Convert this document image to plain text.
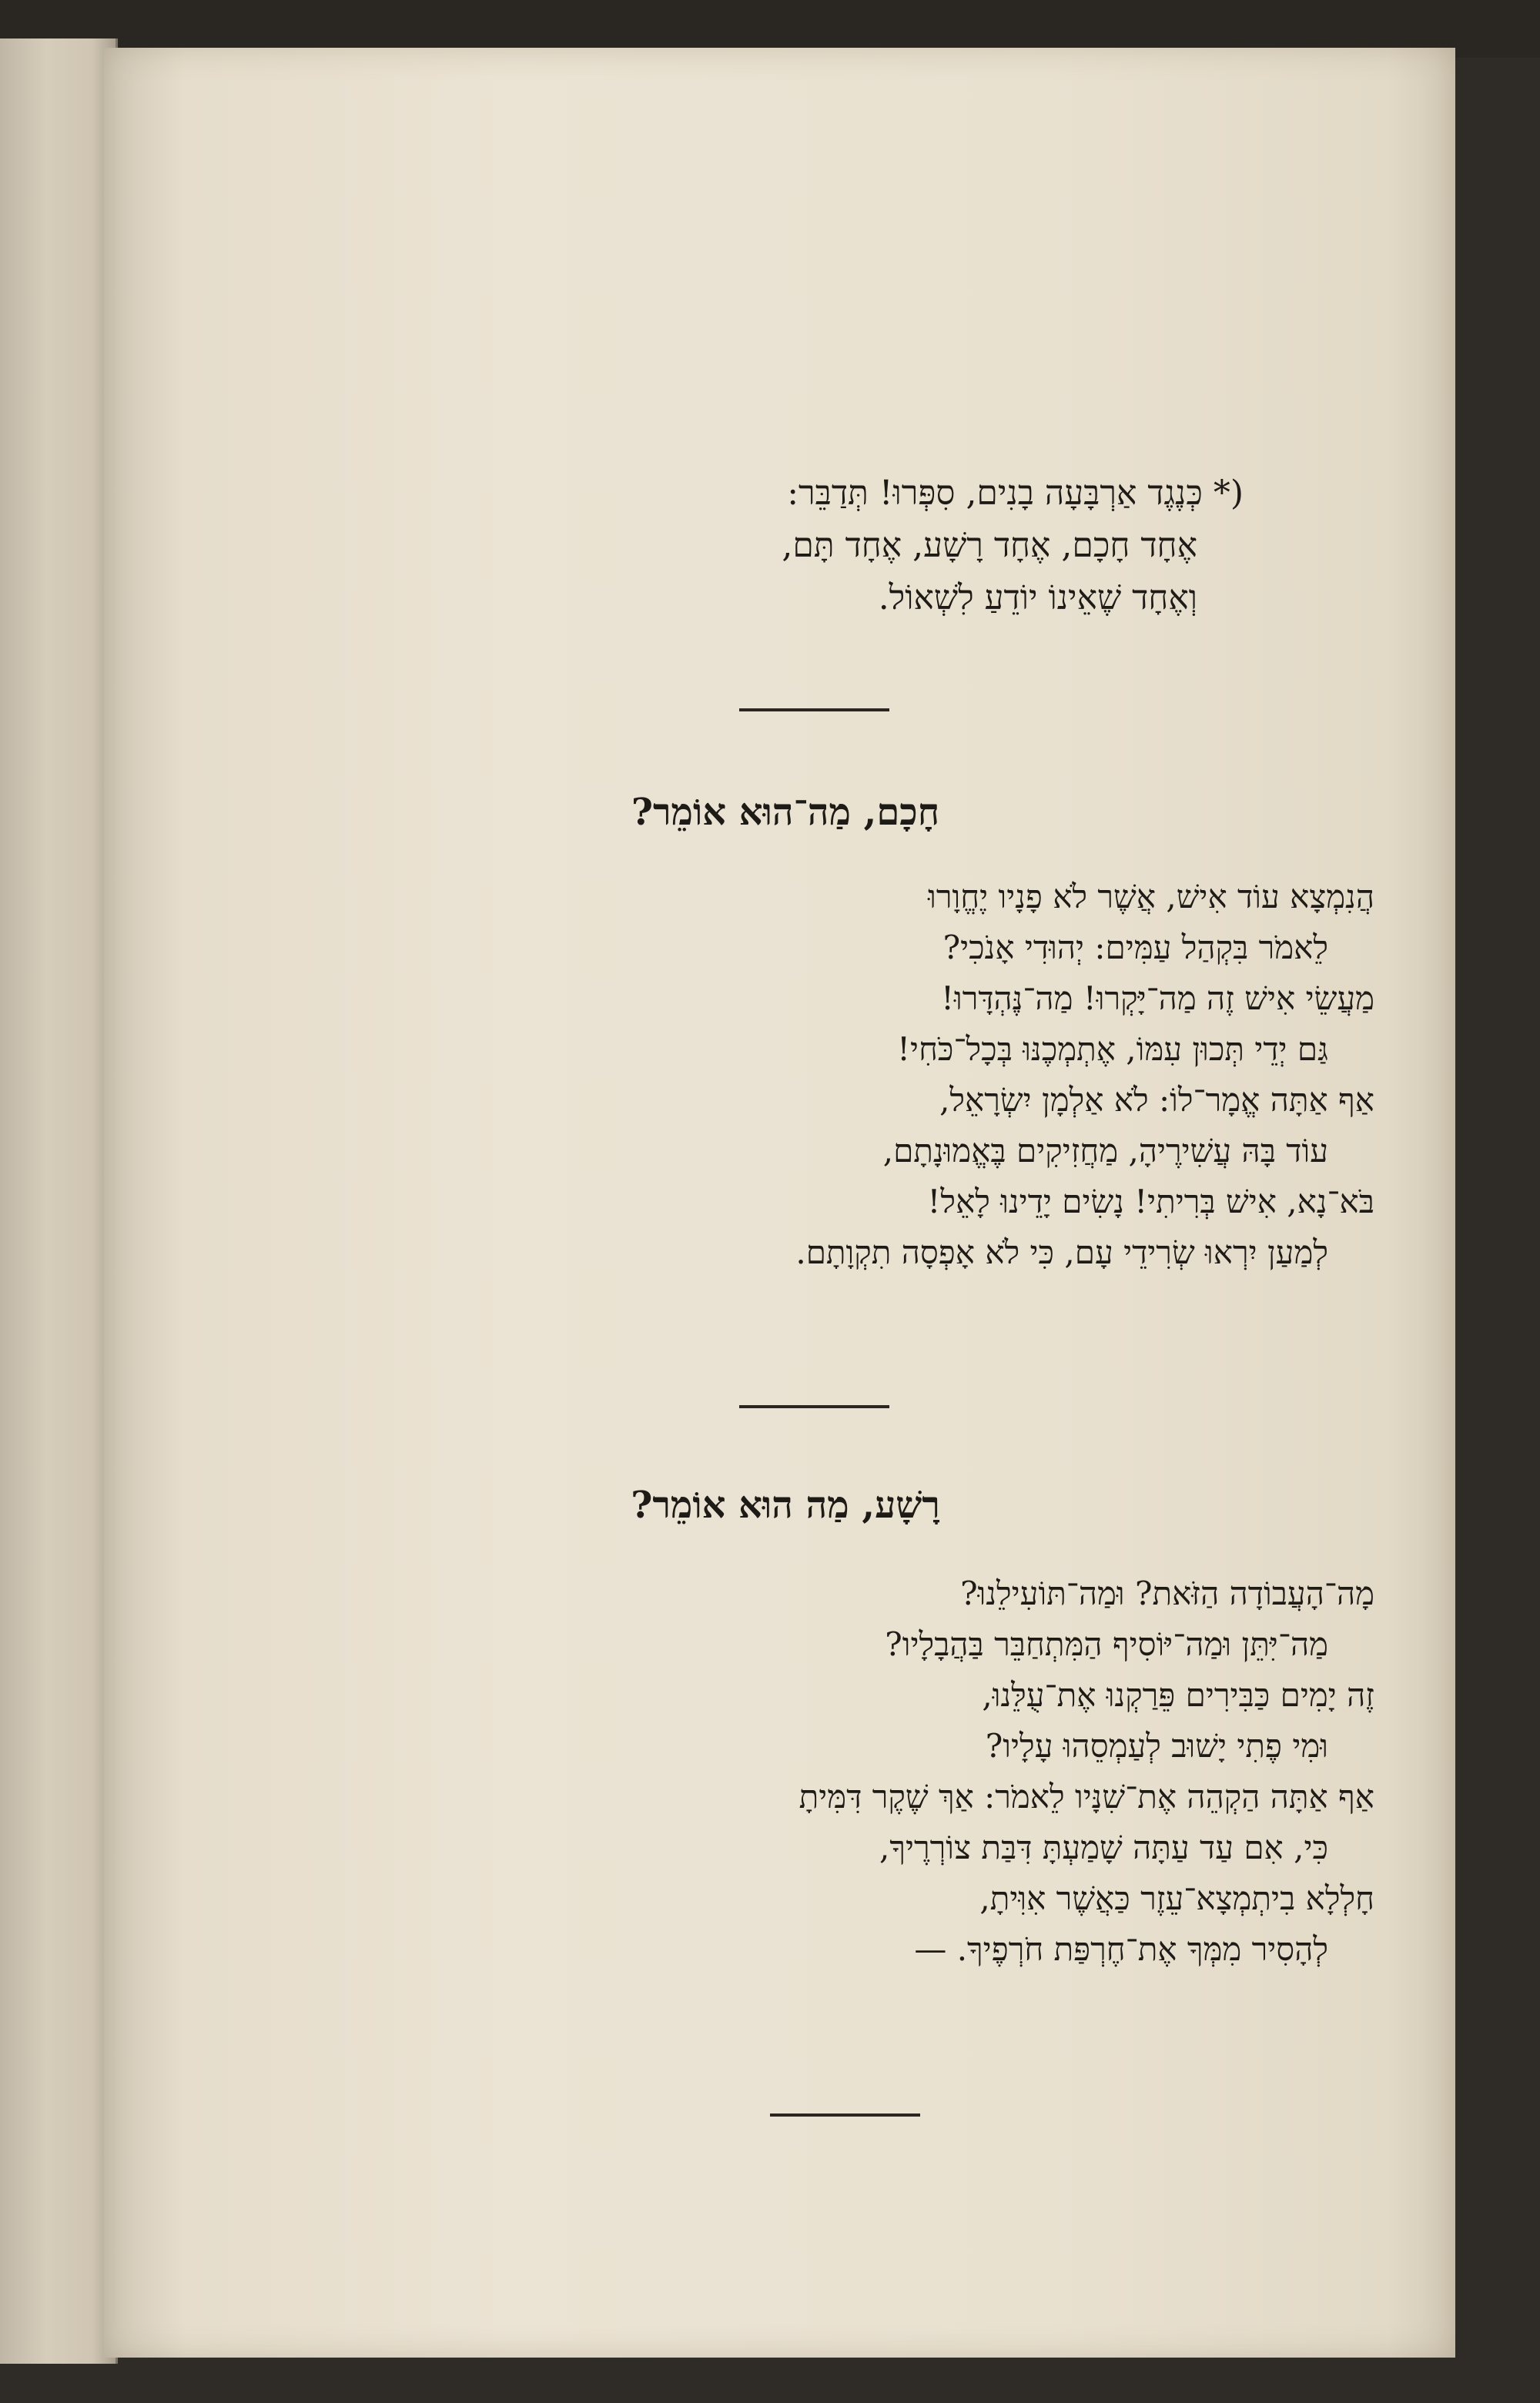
(* כְּנֶגֶד אַרְבָּעָה בָנִים, סִפְּרוּ! תְּדַבֵּר:
אֶחָד חָכָם, אֶחָד רָשָׁע, אֶחָד תָּם,
וְאֶחָד שֶׁאֵינוֹ יוֹדֵעַ לִשְׁאוֹל.
חָכָם, מַה־הוּא אוֹמֵר?
הֲנִמְצָא עוֹד אִישׁ, אֲשֶׁר לֹא פָנָיו יֶחֱוָרוּ
לֵאמֹר בִּקְהַל עַמִּים: יְהוּדִי אָנֹכִי?
מַעֲשֵׂי אִישׁ זֶה מַה־יָּקְרוּ! מַה־נֶּהְדָּרוּ!
גַּם יְדֵי תְּכוּן עִמּוֹ, אֶתְמְכֶנּוּ בְּכָל־כֹּחִי!
אַף אַתָּה אֱמָר־לוֹ: לֹא אַלְמָן יִשְׂרָאֵל,
עוֹד בָּהּ עֲשִׁירֶיהָ, מַחֲזִיקִים בֶּאֱמוּנָתָם,
בֹּא־נָא, אִישׁ בְּרִיתִי! נָשִׂים יָדֵינוּ לָאֵל!
לְמַעַן יִרְאוּ שְׂרִידֵי עָם, כִּי לֹא אָפְסָה תִקְוָתָם.
רָשָׁע, מַה הוּא אוֹמֵר?
מָה־הָעֲבוֹדָה הַזֹּאת? וּמַה־תּוֹעִילֵנוּ?
מַה־יִּתֵּן וּמַה־יּוֹסִיף הַמִּתְחַבֵּר בַּהֲבָלָיו?
זֶה יָמִים כַּבִּירִים פֵּרַקְנוּ אֶת־עֻלֵּנוּ,
וּמִי פֶתִי יָשׁוּב לְעַמְסֵהוּ עָלָיו?
אַף אַתָּה הַקְהֵה אֶת־שִׁנָּיו לֵאמֹר: אַךְ שֶׁקֶר דִּמִּיתָ
כִּי, אִם עַד עַתָּה שָׁמַעְתָּ דִּבַּת צוֹרְרֶיךָ,
חָלְלָא בִיתְמְצָא־עֵזֶר כַּאֲשֶׁר אִוִּיתָ,
לְהָסִיר מִמְּךָ אֶת־חֶרְפַּת חֹרְפֶיךָ. —
